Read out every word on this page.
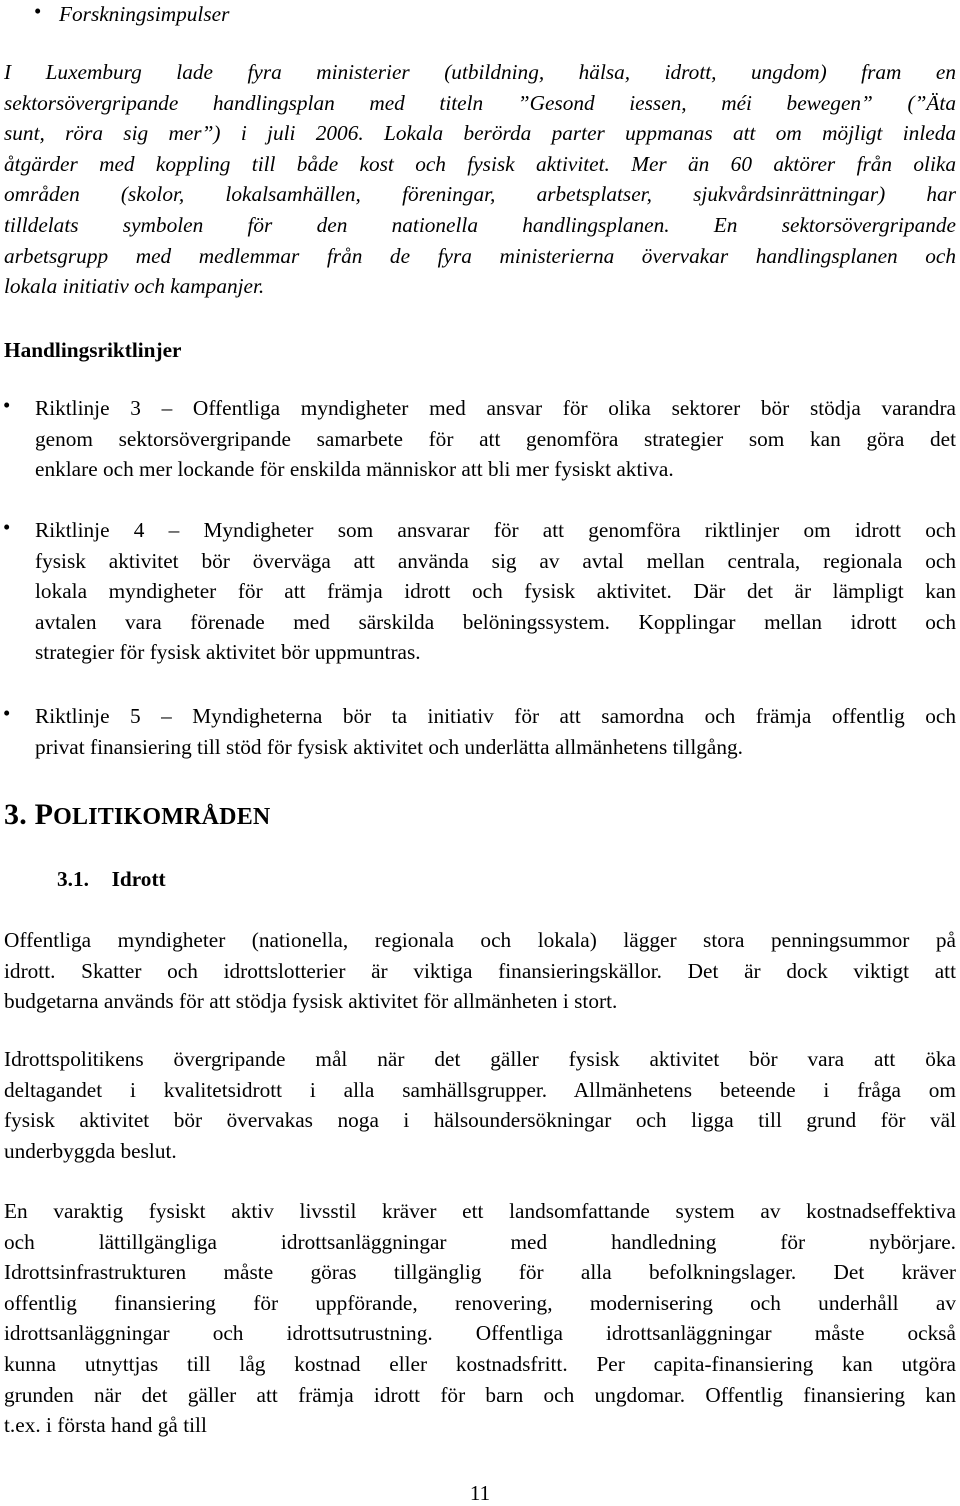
• Forskningsimpulser
I Luxemburg lade fyra ministerier (utbildning, hälsa, idrott, ungdom) fram en
sektorsövergripande handlingsplan med titeln ”Gesond iessen, méi bewegen” (”Äta
sunt, röra sig mer”) i juli 2006. Lokala berörda parter uppmanas att om möjligt inleda
åtgärder med koppling till både kost och fysisk aktivitet. Mer än 60 aktörer från olika
områden (skolor, lokalsamhällen, föreningar, arbetsplatser, sjukvårdsinrättningar) har
tilldelats symbolen för den nationella handlingsplanen. En sektorsövergripande
arbetsgrupp med medlemmar från de fyra ministerierna övervakar handlingsplanen och
lokala initiativ och kampanjer.
Handlingsriktlinjer
• Riktlinje 3 – Offentliga myndigheter med ansvar för olika sektorer bör stödja varandra
genom sektorsövergripande samarbete för att genomföra strategier som kan göra det
enklare och mer lockande för enskilda människor att bli mer fysiskt aktiva.
• Riktlinje 4 – Myndigheter som ansvarar för att genomföra riktlinjer om idrott och
fysisk aktivitet bör överväga att använda sig av avtal mellan centrala, regionala och
lokala myndigheter för att främja idrott och fysisk aktivitet. Där det är lämpligt kan
avtalen vara förenade med särskilda belöningssystem. Kopplingar mellan idrott och
strategier för fysisk aktivitet bör uppmuntras.
• Riktlinje 5 – Myndigheterna bör ta initiativ för att samordna och främja offentlig och
privat finansiering till stöd för fysisk aktivitet och underlätta allmänhetens tillgång.
3. POLITIKOMRÅDEN
3.1. Idrott
Offentliga myndigheter (nationella, regionala och lokala) lägger stora penningsummor på
idrott. Skatter och idrottslotterier är viktiga finansieringskällor. Det är dock viktigt att
budgetarna används för att stödja fysisk aktivitet för allmänheten i stort.
Idrottspolitikens övergripande mål när det gäller fysisk aktivitet bör vara att öka
deltagandet i kvalitetsidrott i alla samhällsgrupper. Allmänhetens beteende i fråga om
fysisk aktivitet bör övervakas noga i hälsoundersökningar och ligga till grund för väl
underbyggda beslut.
En varaktig fysiskt aktiv livsstil kräver ett landsomfattande system av kostnadseffektiva
och lättillgängliga idrottsanläggningar med handledning för nybörjare.
Idrottsinfrastrukturen måste göras tillgänglig för alla befolkningslager. Det kräver
offentlig finansiering för uppförande, renovering, modernisering och underhåll av
idrottsanläggningar och idrottsutrustning. Offentliga idrottsanläggningar måste också
kunna utnyttjas till låg kostnad eller kostnadsfritt. Per capita-finansiering kan utgöra
grunden när det gäller att främja idrott för barn och ungdomar. Offentlig finansiering kan
t.ex. i första hand gå till
11
